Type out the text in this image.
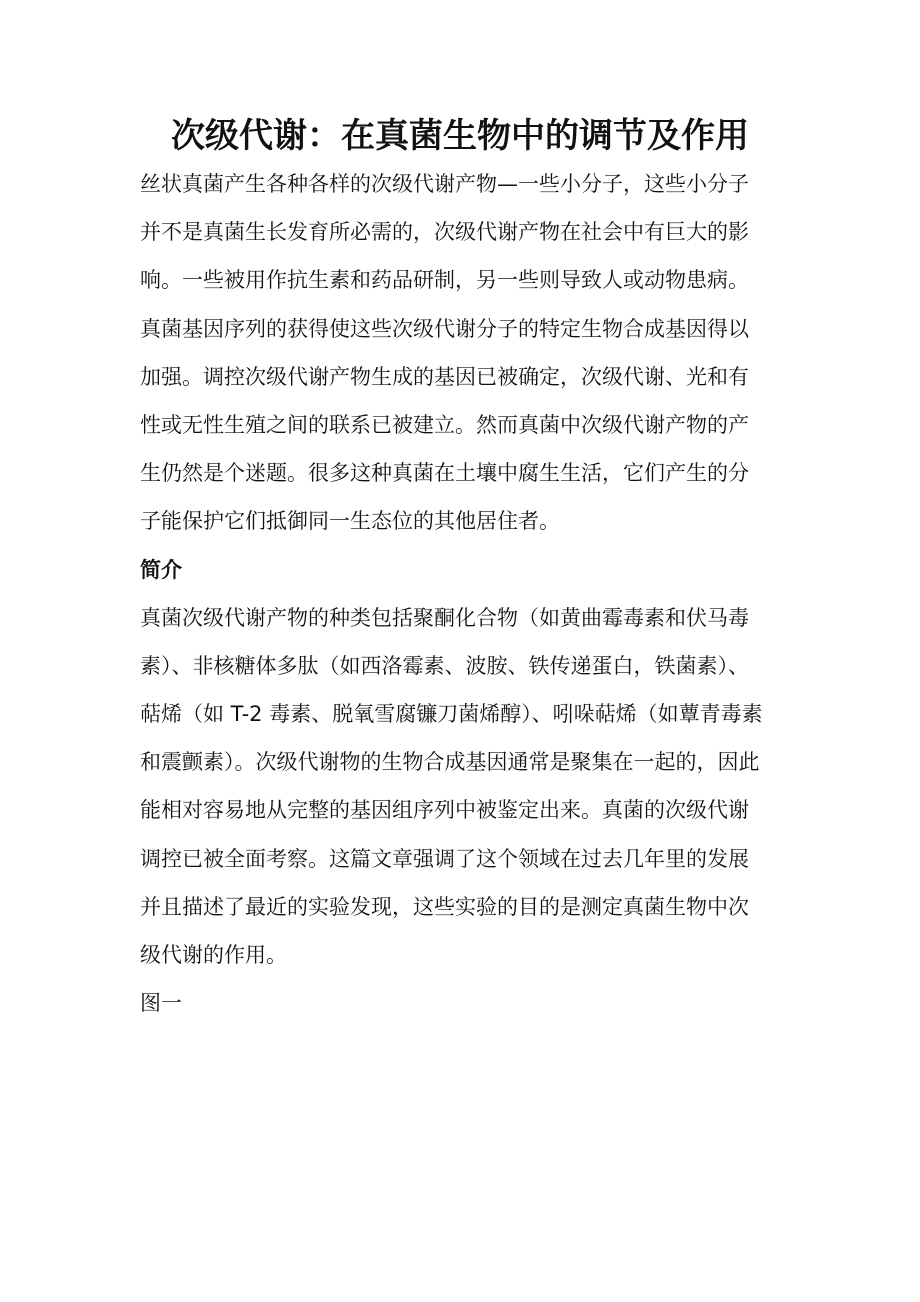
次级代谢：在真菌生物中的调节及作用
丝状真菌产生各种各样的次级代谢产物—一些小分子，这些小分子
并不是真菌生长发育所必需的，次级代谢产物在社会中有巨大的影
响。一些被用作抗生素和药品研制，另一些则导致人或动物患病。
真菌基因序列的获得使这些次级代谢分子的特定生物合成基因得以
加强。调控次级代谢产物生成的基因已被确定，次级代谢、光和有
性或无性生殖之间的联系已被建立。然而真菌中次级代谢产物的产
生仍然是个迷题。很多这种真菌在土壤中腐生生活，它们产生的分
子能保护它们抵御同一生态位的其他居住者。
简介
真菌次级代谢产物的种类包括聚酮化合物（如黄曲霉毒素和伏马毒
素）、非核糖体多肽（如西洛霉素、波胺、铁传递蛋白，铁菌素）、
萜烯（如 T-2 毒素、脱氧雪腐镰刀菌烯醇）、吲哚萜烯（如蕈青毒素
和震颤素）。次级代谢物的生物合成基因通常是聚集在一起的，因此
能相对容易地从完整的基因组序列中被鉴定出来。真菌的次级代谢
调控已被全面考察。这篇文章强调了这个领域在过去几年里的发展
并且描述了最近的实验发现，这些实验的目的是测定真菌生物中次
级代谢的作用。
图一
